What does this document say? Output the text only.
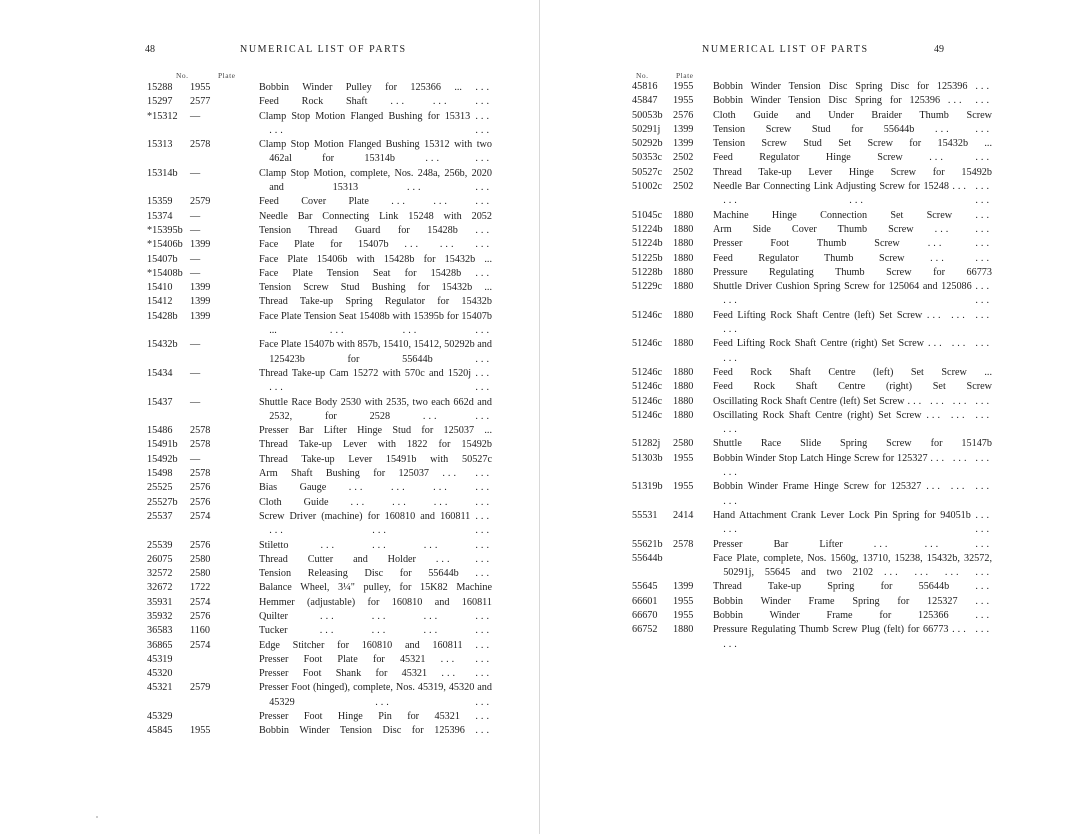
48	NUMERICAL LIST OF PARTS
No.	Plate
15288 1955	Bobbin Winder Pulley for 125366 ... ...
15297 2577	Feed Rock Shaft ... ... ...
*15312 —	Clamp Stop Motion Flanged Bushing for 15313 ... ... ...
15313 2578	Clamp Stop Motion Flanged Bushing 15312 with two 462al for 15314b	... ...
15314b —	Clamp Stop Motion, complete, Nos. 248a, 256b, 2020 and 15313	... ...
15359 2579	Feed Cover Plate ... ... ...
15374 —	Needle Bar Connecting Link 15248 with 2052
*15395b —	Tension Thread Guard for 15428b ...
*15406b 1399	Face Plate for 15407b ... ... ...
15407b —	Face Plate 15406b with 15428b for 15432b ...
*15408b —	Face Plate Tension Seat for 15428b ...
15410 1399	Tension Screw Stud Bushing for 15432b ...
15412 1399	Thread Take-up Spring Regulator for 15432b
15428b 1399	Face Plate Tension Seat 15408b with 15395b for 15407b ...	... ... ...
15432b —	Face Plate 15407b with 857b, 15410, 15412, 50292b and 125423b for 55644b	...
15434 —	Thread Take-up Cam 15272 with 570c and 1520j ... ... ...
15437 —	Shuttle Race Body 2530 with 2535, two each 662d and 2532, for 2528	... ...
15486 2578	Presser Bar Lifter Hinge Stud for 125037 ...
15491b 2578	Thread Take-up Lever with 1822 for 15492b
15492b —	Thread Take-up Lever 15491b with 50527c
15498 2578	Arm Shaft Bushing for 125037 ... ...
25525 2576	Bias Gauge ... ... ... ...
25527b 2576	Cloth Guide ... ... ... ...
25537 2574	Screw Driver (machine) for 160810 and 160811 ... ... ... ...
25539 2576	Stiletto	... ... ... ...
26075 2580	Thread Cutter and Holder ... ...
32572 2580	Tension Releasing Disc for 55644b ...
32672 1722	Balance Wheel, 3¼" pulley, for 15K82 Machine
35931 2574	Hemmer (adjustable) for 160810 and 160811
35932 2576	Quilter	... ... ... ...
36583 1160	Tucker	... ... ... ...
36865 2574	Edge Stitcher for 160810 and 160811 ...
45319	Presser Foot Plate for 45321 ... ...
45320	Presser Foot Shank for 45321 ... ...
45321 2579	Presser Foot (hinged), complete, Nos. 45319, 45320 and 45329	... ...
45329	Presser Foot Hinge Pin for 45321 ...
45845 1955	Bobbin Winder Tension Disc for 125396 ...
NUMERICAL LIST OF PARTS	49
No.	Plate
45816 1955 Bobbin Winder Tension Disc Spring Disc for 125396 ...
45847 1955 Bobbin Winder Tension Disc Spring for 125396 ... ...
50053b 2576 Cloth Guide and Under Braider Thumb Screw
50291j 1399 Tension Screw Stud for 55644b ... ...
50292b 1399 Tension Screw Stud Set Screw for 15432b ...
50353c 2502 Feed Regulator Hinge Screw	... ...
50527c 2502 Thread Take-up Lever Hinge Screw for 15492b
51002c 2502 Needle Bar Connecting Link Adjusting Screw for 15248 ... ... ... ... ...
51045c 1880 Machine Hinge Connection Set Screw ...
51224b 1880 Arm Side Cover Thumb Screw ... ...
51224b 1880 Presser Foot Thumb Screw	... ...
51225b 1880 Feed Regulator Thumb Screw	... ...
51228b 1880 Pressure Regulating Thumb Screw for 66773
51229c 1880 Shuttle Driver Cushion Spring Screw for 125064 and 125086 ... ... ...
51246c 1880 Feed Lifting Rock Shaft Centre (left) Set Screw ... ... ... ...
51246c 1880 Feed Lifting Rock Shaft Centre (right) Set Screw ... ... ... ...
51246c 1880 Feed Rock Shaft Centre (left) Set Screw ...
51246c 1880 Feed Rock Shaft Centre (right) Set Screw
51246c 1880 Oscillating Rock Shaft Centre (left) Set Screw ... ... ... ...
51246c 1880 Oscillating Rock Shaft Centre (right) Set Screw ... ... ... ...
51282j 2580 Shuttle Race Slide Spring Screw for 15147b
51303b 1955 Bobbin Winder Stop Latch Hinge Screw for 125327 ... ... ... ...
51319b 1955 Bobbin Winder Frame Hinge Screw for 125327 ... ... ... ...
55531 2414 Hand Attachment Crank Lever Lock Pin Spring for 94051b ... ... ...
55621b 2578 Presser Bar Lifter	... ... ...
55644b	Face Plate, complete, Nos. 1560g, 13710, 15238, 15432b, 32572, 50291j, 55645 and two 2102 ... ... ... ...
55645 1399 Thread Take-up Spring for 55644b	...
66601 1955 Bobbin Winder Frame Spring for 125327 ...
66670 1955 Bobbin Winder Frame for 125366	...
66752 1880 Pressure Regulating Thumb Screw Plug (felt) for 66773 ... ... ...
